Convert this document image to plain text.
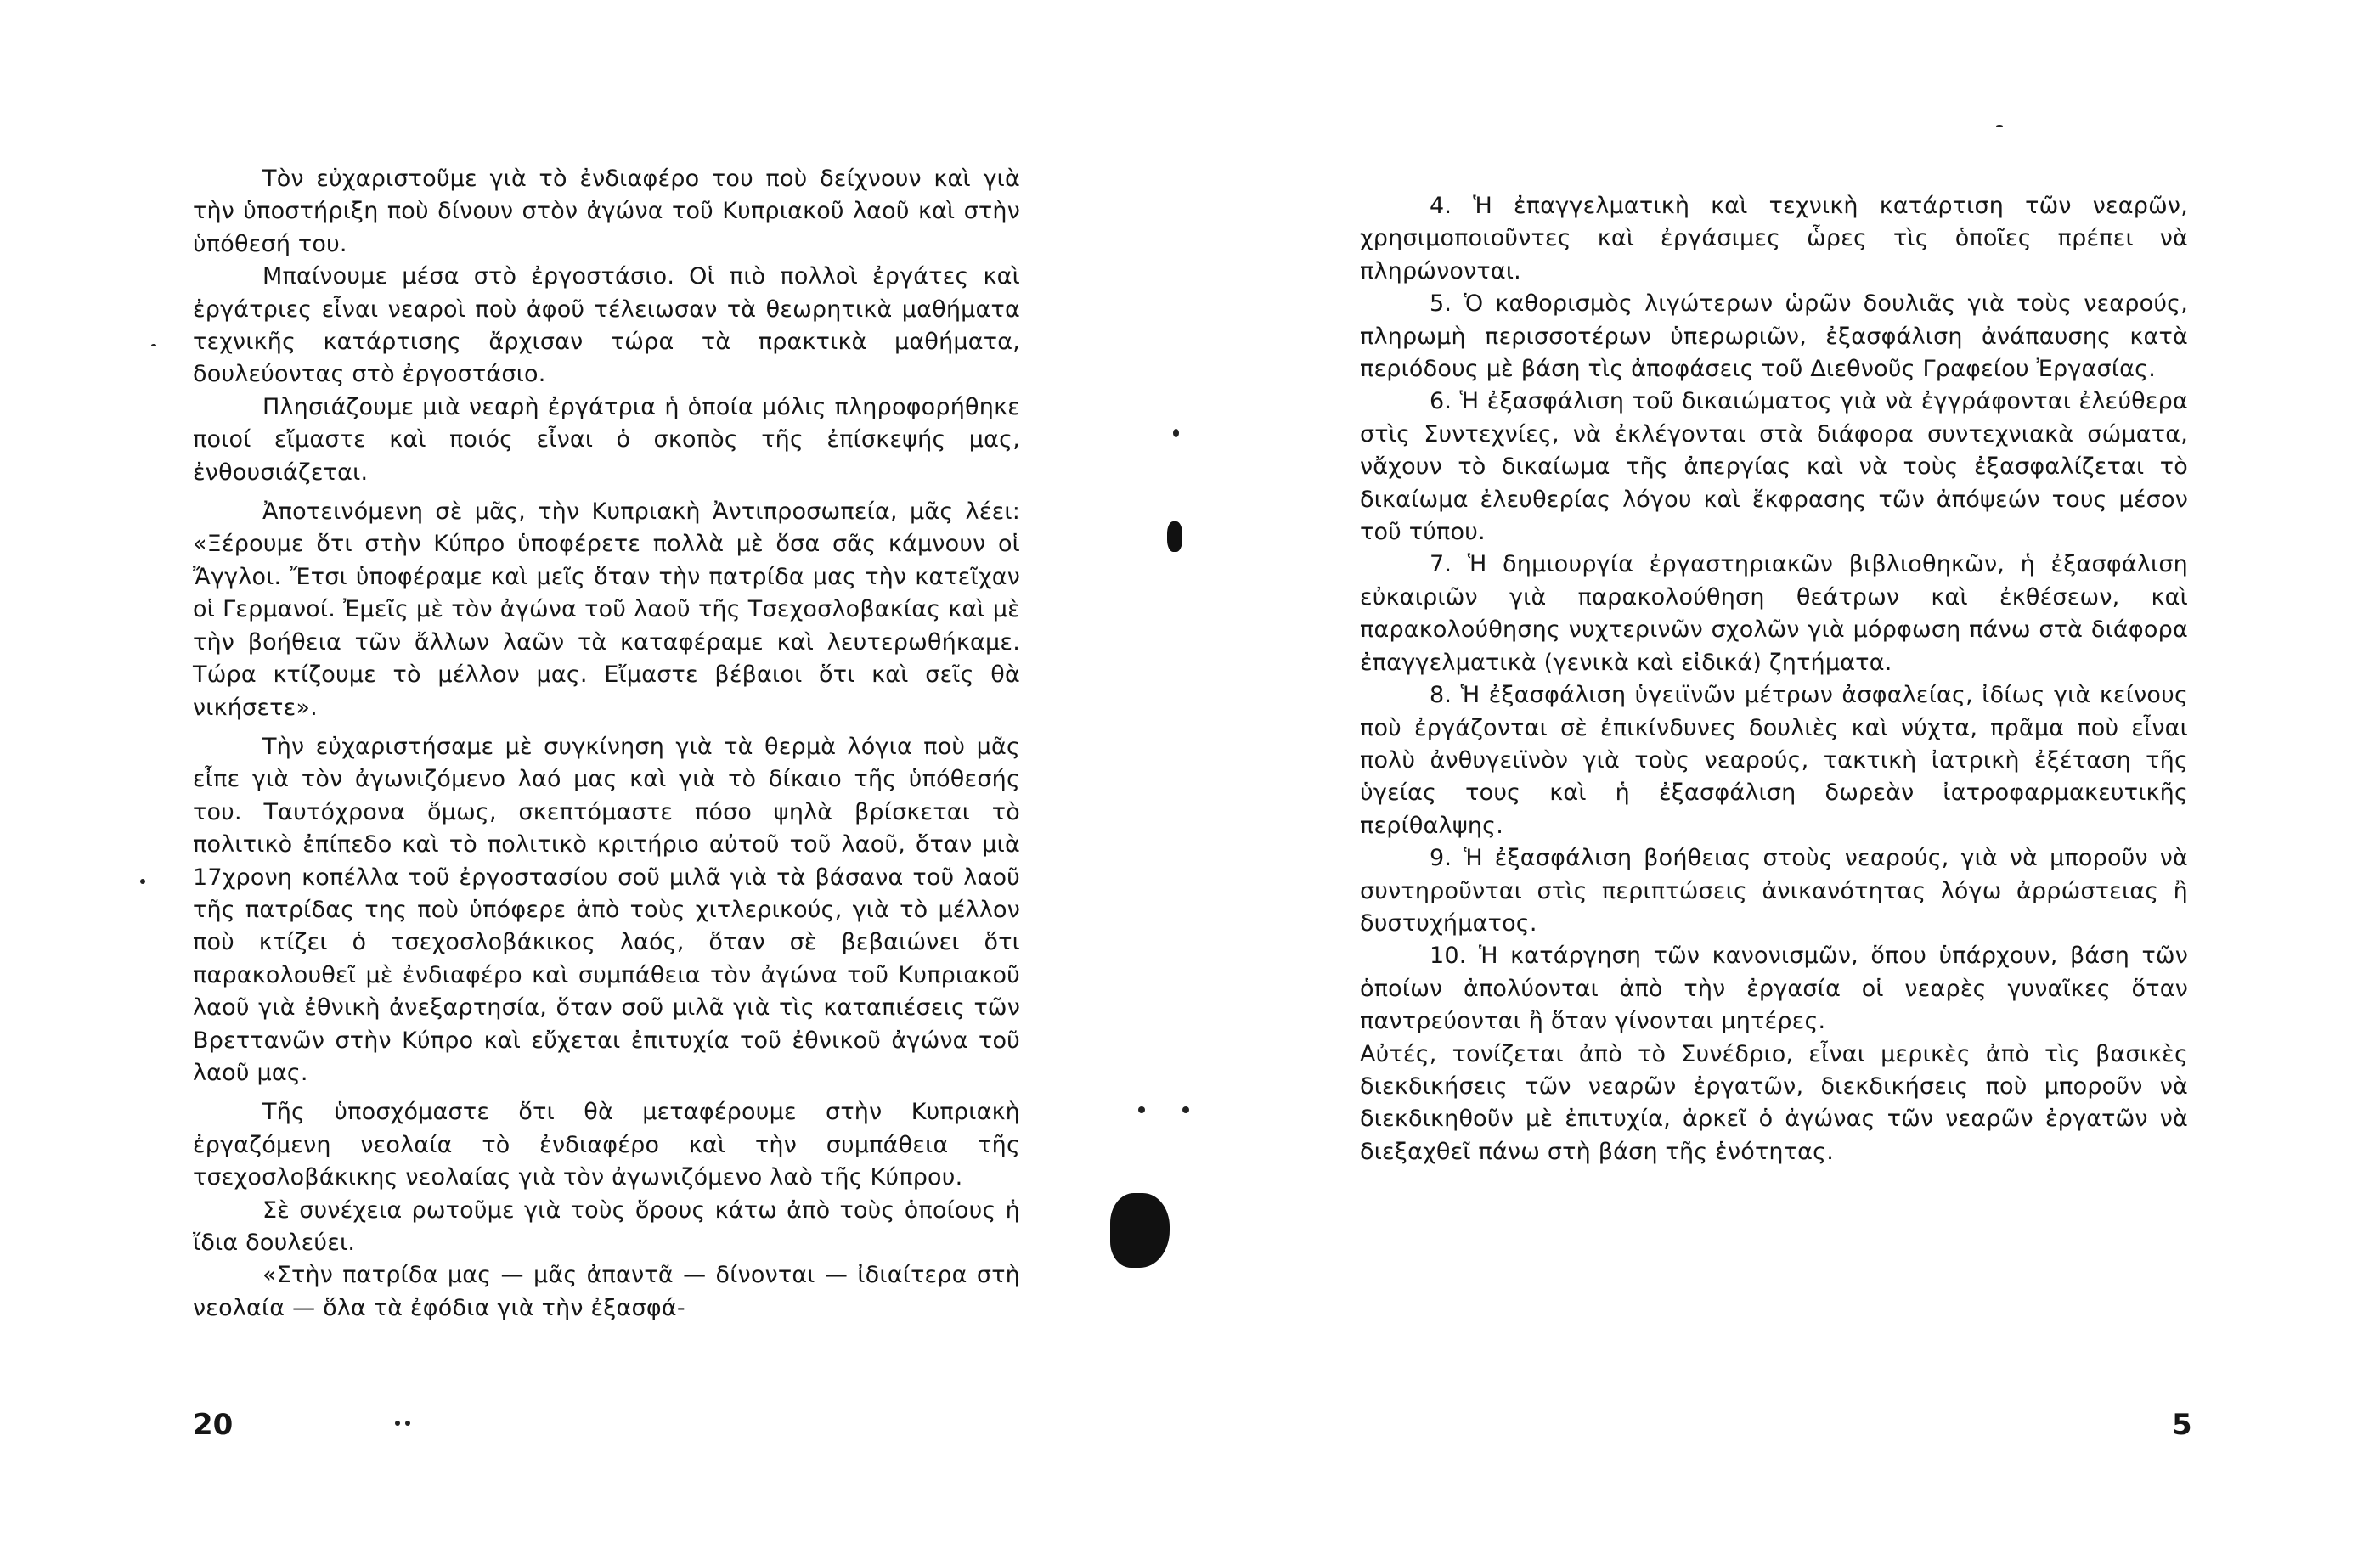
Τὸν εὐχαριστοῦμε γιὰ τὸ ἐνδιαφέρο του ποὺ δείχνουν καὶ γιὰ τὴν ὑποστήριξη ποὺ δίνουν στὸν ἀγώνα τοῦ Κυπριακοῦ λαοῦ καὶ στὴν ὑπόθεσή του.

Μπαίνουμε μέσα στὸ ἐργοστάσιο. Οἱ πιὸ πολλοὶ ἐργάτες καὶ ἐργάτριες εἶναι νεαροὶ ποὺ ἀφοῦ τέλειωσαν τὰ θεωρητικὰ μαθήματα τεχνικῆς κατάρτισης ἄρχισαν τώρα τὰ πρακτικὰ μαθήματα, δουλεύοντας στὸ ἐργοστάσιο.

Πλησιάζουμε μιὰ νεαρὴ ἐργάτρια ἡ ὁποία μόλις πληροφορήθηκε ποιοί εἴμαστε καὶ ποιός εἶναι ὁ σκοπὸς τῆς ἐπίσκεψής μας, ἐνθουσιάζεται.

Ἀποτεινόμενη σὲ μᾶς, τὴν Κυπριακὴ Ἀντιπροσωπεία, μᾶς λέει: «Ξέρουμε ὅτι στὴν Κύπρο ὑποφέρετε πολλὰ μὲ ὅσα σᾶς κάμνουν οἱ Ἄγγλοι. Ἔτσι ὑποφέραμε καὶ μεῖς ὅταν τὴν πατρίδα μας τὴν κατεῖχαν οἱ Γερμανοί. Ἐμεῖς μὲ τὸν ἀγώνα τοῦ λαοῦ τῆς Τσεχοσλοβακίας καὶ μὲ τὴν βοήθεια τῶν ἄλλων λαῶν τὰ καταφέραμε καὶ λευτερωθήκαμε. Τώρα κτίζουμε τὸ μέλλον μας. Εἴμαστε βέβαιοι ὅτι καὶ σεῖς θὰ νικήσετε».

Τὴν εὐχαριστήσαμε μὲ συγκίνηση γιὰ τὰ θερμὰ λόγια ποὺ μᾶς εἶπε γιὰ τὸν ἀγωνιζόμενο λαό μας καὶ γιὰ τὸ δίκαιο τῆς ὑπόθεσής του. Ταυτόχρονα ὅμως, σκεπτόμαστε πόσο ψηλὰ βρίσκεται τὸ πολιτικὸ ἐπίπεδο καὶ τὸ πολιτικὸ κριτήριο αὐτοῦ τοῦ λαοῦ, ὅταν μιὰ 17χρονη κοπέλλα τοῦ ἐργοστασίου σοῦ μιλᾶ γιὰ τὰ βάσανα τοῦ λαοῦ τῆς πατρίδας της ποὺ ὑπόφερε ἀπὸ τοὺς χιτλερικούς, γιὰ τὸ μέλλον ποὺ κτίζει ὁ τσεχοσλοβάκικος λαός, ὅταν σὲ βεβαιώνει ὅτι παρακολουθεῖ μὲ ἐνδιαφέρο καὶ συμπάθεια τὸν ἀγώνα τοῦ Κυπριακοῦ λαοῦ γιὰ ἐθνικὴ ἀνεξαρτησία, ὅταν σοῦ μιλᾶ γιὰ τὶς καταπιέσεις τῶν Βρεττανῶν στὴν Κύπρο καὶ εὔχεται ἐπιτυχία τοῦ ἐθνικοῦ ἀγώνα τοῦ λαοῦ μας.

Τῆς ὑποσχόμαστε ὅτι θὰ μεταφέρουμε στὴν Κυπριακὴ ἐργαζόμενη νεολαία τὸ ἐνδιαφέρο καὶ τὴν συμπάθεια τῆς τσεχοσλοβάκικης νεολαίας γιὰ τὸν ἀγωνιζόμενο λαὸ τῆς Κύπρου.

Σὲ συνέχεια ρωτοῦμε γιὰ τοὺς ὅρους κάτω ἀπὸ τοὺς ὁποίους ἡ ἴδια δουλεύει.

«Στὴν πατρίδα μας — μᾶς ἀπαντᾶ — δίνονται — ἰδιαίτερα στὴ νεολαία — ὅλα τὰ ἐφόδια γιὰ τὴν ἐξασφά-

20

4. Ἡ ἐπαγγελματικὴ καὶ τεχνικὴ κατάρτιση τῶν νεαρῶν, χρησιμοποιοῦντες καὶ ἐργάσιμες ὧρες τὶς ὁποῖες πρέπει νὰ πληρώνονται.

5. Ὁ καθορισμὸς λιγώτερων ὡρῶν δουλιᾶς γιὰ τοὺς νεαρούς, πληρωμὴ περισσοτέρων ὑπερωριῶν, ἐξασφάλιση ἀνάπαυσης κατὰ περιόδους μὲ βάση τὶς ἀποφάσεις τοῦ Διεθνοῦς Γραφείου Ἐργασίας.

6. Ἡ ἐξασφάλιση τοῦ δικαιώματος γιὰ νὰ ἐγγράφονται ἐλεύθερα στὶς Συντεχνίες, νὰ ἐκλέγονται στὰ διάφορα συντεχνιακὰ σώματα, νἄχουν τὸ δικαίωμα τῆς ἀπεργίας καὶ νὰ τοὺς ἐξασφαλίζεται τὸ δικαίωμα ἐλευθερίας λόγου καὶ ἔκφρασης τῶν ἀπόψεών τους μέσον τοῦ τύπου.

7. Ἡ δημιουργία ἐργαστηριακῶν βιβλιοθηκῶν, ἡ ἐξασφάλιση εὐκαιριῶν γιὰ παρακολούθηση θεάτρων καὶ ἐκθέσεων, καὶ παρακολούθησης νυχτερινῶν σχολῶν γιὰ μόρφωση πάνω στὰ διάφορα ἐπαγγελματικὰ (γενικὰ καὶ εἰδικά) ζητήματα.

8. Ἡ ἐξασφάλιση ὑγειϊνῶν μέτρων ἀσφαλείας, ἰδίως γιὰ κείνους ποὺ ἐργάζονται σὲ ἐπικίνδυνες δουλιὲς καὶ νύχτα, πρᾶμα ποὺ εἶναι πολὺ ἀνθυγειϊνὸν γιὰ τοὺς νεαρούς, τακτικὴ ἰατρικὴ ἐξέταση τῆς ὑγείας τους καὶ ἡ ἐξασφάλιση δωρεὰν ἰατροφαρμακευτικῆς περίθαλψης.

9. Ἡ ἐξασφάλιση βοήθειας στοὺς νεαρούς, γιὰ νὰ μποροῦν νὰ συντηροῦνται στὶς περιπτώσεις ἀνικανότητας λόγω ἀρρώστειας ἢ δυστυχήματος.

10. Ἡ κατάργηση τῶν κανονισμῶν, ὅπου ὑπάρχουν, βάση τῶν ὁποίων ἀπολύονται ἀπὸ τὴν ἐργασία οἱ νεαρὲς γυναῖκες ὅταν παντρεύονται ἢ ὅταν γίνονται μητέρες.

Αὐτές, τονίζεται ἀπὸ τὸ Συνέδριο, εἶναι μερικὲς ἀπὸ τὶς βασικὲς διεκδικήσεις τῶν νεαρῶν ἐργατῶν, διεκδικήσεις ποὺ μποροῦν νὰ διεκδικηθοῦν μὲ ἐπιτυχία, ἀρκεῖ ὁ ἀγώνας τῶν νεαρῶν ἐργατῶν νὰ διεξαχθεῖ πάνω στὴ βάση τῆς ἑνότητας.

5
